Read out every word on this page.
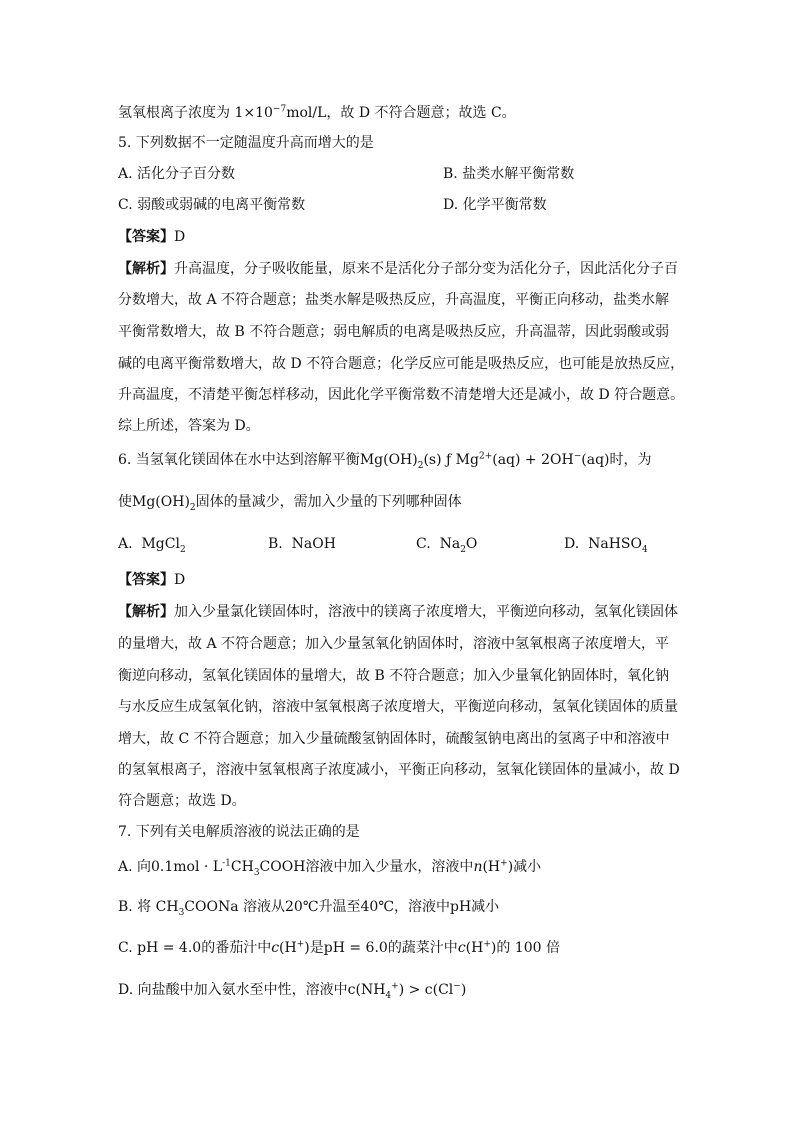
氢氧根离子浓度为 $1\times 10^{-7}mol/L$，故 D 不符合题意；故选 C。
5. 下列数据不一定随温度升高而增大的是
A. 活化分子百分数	B. 盐类水解平衡常数
C. 弱酸或弱碱的电离平衡常数	D. 化学平衡常数
【答案】D
【解析】升高温度，分子吸收能量，原来不是活化分子部分变为活化分子，因此活化分子百
分数增大，故 A 不符合题意；盐类水解是吸热反应，升高温度，平衡正向移动，盐类水解
平衡常数增大，故 B 不符合题意；弱电解质的电离是吸热反应，升高温蒂，因此弱酸或弱
碱的电离平衡常数增大，故 D 不符合题意；化学反应可能是吸热反应，也可能是放热反应，
升高温度，不清楚平衡怎样移动，因此化学平衡常数不清楚增大还是减小，故 D 符合题意。
综上所述，答案为 D。
6. 当氢氧化镁固体在水中达到溶解平衡$Mg(OH)_2(s)$ ƒ $Mg^{2+}(aq) + 2OH^-(aq)$时，为
使$Mg(OH)_2$固体的量减少，需加入少量的下列哪种固体
A. MgCl$_2$	B. NaOH	C. $Na_2O$	D. NaHSO$_4$
【答案】D
【解析】加入少量氯化镁固体时，溶液中的镁离子浓度增大，平衡逆向移动，氢氧化镁固体
的量增大，故 A 不符合题意；加入少量氢氧化钠固体时，溶液中氢氧根离子浓度增大，平
衡逆向移动，氢氧化镁固体的量增大，故 B 不符合题意；加入少量氧化钠固体时，氧化钠
与水反应生成氢氧化钠，溶液中氢氧根离子浓度增大，平衡逆向移动，氢氧化镁固体的质量
增大，故 C 不符合题意；加入少量硫酸氢钠固体时，硫酸氢钠电离出的氢离子中和溶液中
的氢氧根离子，溶液中氢氧根离子浓度减小，平衡正向移动，氢氧化镁固体的量减小，故 D
符合题意；故选 D。
7. 下列有关电解质溶液的说法正确的是
A. 向$0.1mol \cdot L^{-1}CH_3COOH$溶液中加入少量水，溶液中n(H+)减小
B. 将 $CH_3COONa$ 溶液从20℃升温至40℃，溶液中pH减小
C. pH = 4.0的番茄汁中c(H+)是pH = 6.0的蔬菜汁中c(H+)的 100 倍
D. 向盐酸中加入氨水至中性，溶液中$c(NH_4^+) > c(Cl^-)$
